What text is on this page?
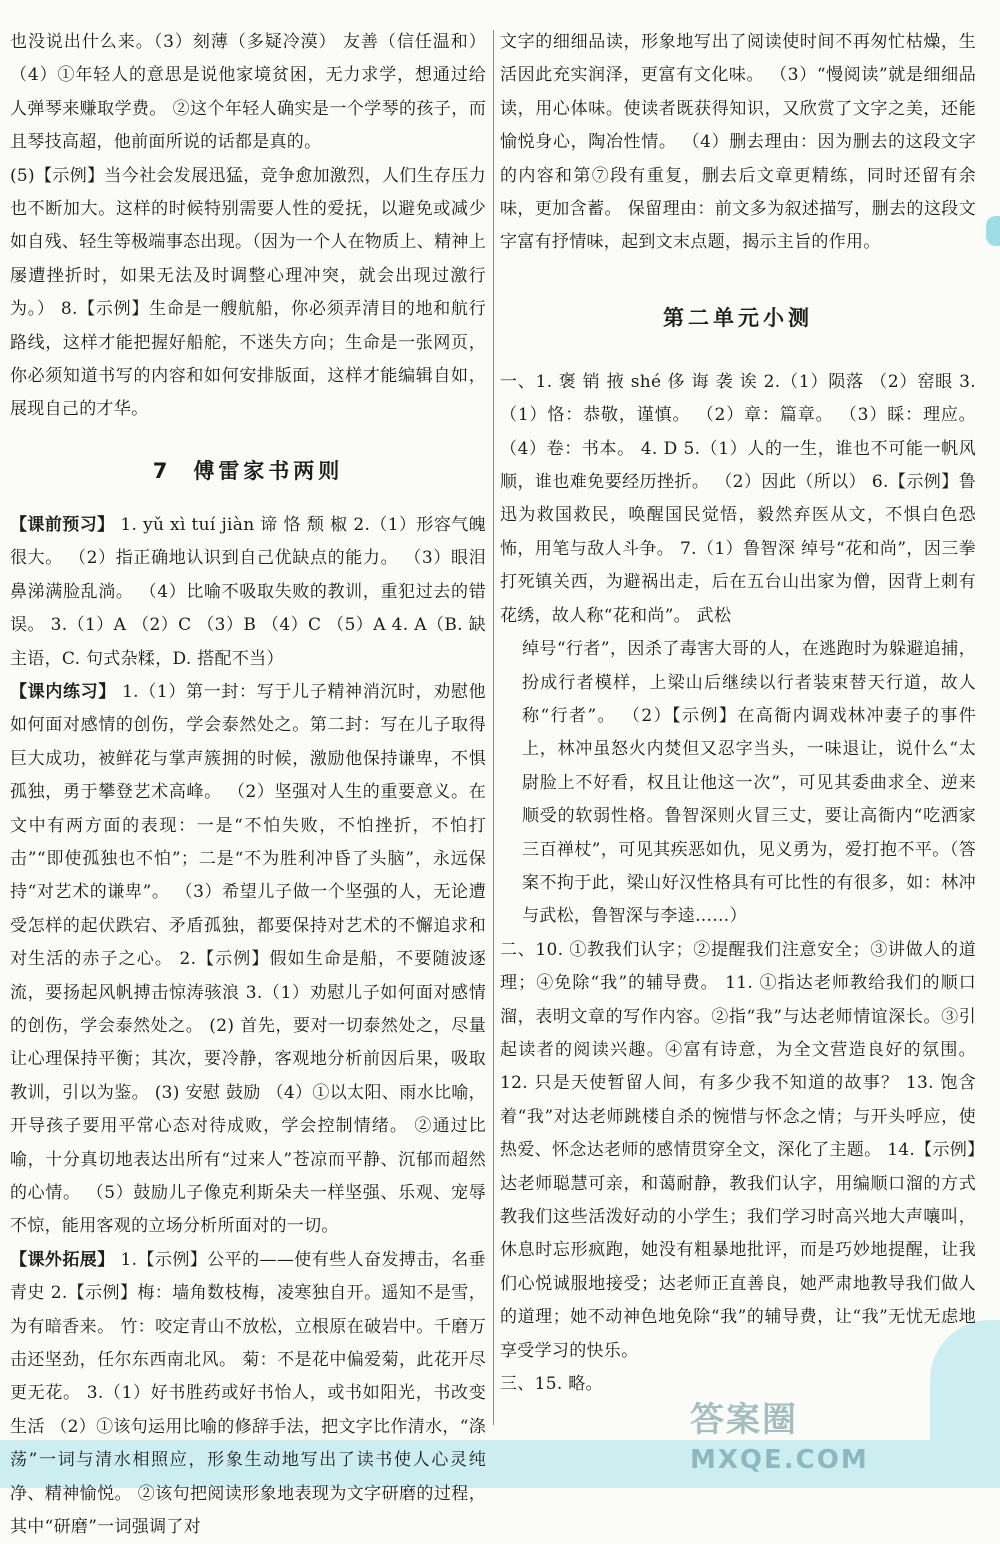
也没说出什么来。（3）刻薄（多疑冷漠） 友善（信任温和） （4）①年轻人的意思是说他家境贫困，无力求学，想通过给人弹琴来赚取学费。 ②这个年轻人确实是一个学琴的孩子，而且琴技高超，他前面所说的话都是真的。

(5)【示例】当今社会发展迅猛，竞争愈加激烈，人们生存压力也不断加大。这样的时候特别需要人性的爱抚，以避免或减少如自残、轻生等极端事态出现。（因为一个人在物质上、精神上屡遭挫折时，如果无法及时调整心理冲突，就会出现过激行为。） 8.【示例】生命是一艘航船，你必须弄清目的地和航行路线，这样才能把握好船舵，不迷失方向；生命是一张网页，你必须知道书写的内容和如何安排版面，这样才能编辑自如，展现自己的才华。

7 傅雷家书两则

【课前预习】 1. yǔ xì tuí jiàn 谛 恪 颓 椒 2.（1）形容气魄很大。 （2）指正确地认识到自己优缺点的能力。 （3）眼泪鼻涕满脸乱淌。 （4）比喻不吸取失败的教训，重犯过去的错误。 3.（1）A （2）C （3）B （4）C （5）A 4. A（B. 缺主语，C. 句式杂糅，D. 搭配不当）

【课内练习】 1.（1）第一封：写于儿子精神消沉时，劝慰他如何面对感情的创伤，学会泰然处之。第二封：写在儿子取得巨大成功，被鲜花与掌声簇拥的时候，激励他保持谦卑，不惧孤独，勇于攀登艺术高峰。 （2）坚强对人生的重要意义。在文中有两方面的表现：一是“不怕失败，不怕挫折，不怕打击”“即使孤独也不怕”；二是“不为胜利冲昏了头脑”，永远保持“对艺术的谦卑”。 （3）希望儿子做一个坚强的人，无论遭受怎样的起伏跌宕、矛盾孤独，都要保持对艺术的不懈追求和对生活的赤子之心。 2.【示例】假如生命是船，不要随波逐流，要扬起风帆搏击惊涛骇浪 3.（1）劝慰儿子如何面对感情的创伤，学会泰然处之。 (2) 首先，要对一切泰然处之，尽量让心理保持平衡；其次，要冷静，客观地分析前因后果，吸取教训，引以为鉴。 (3) 安慰 鼓励 （4）①以太阳、雨水比喻，开导孩子要用平常心态对待成败，学会控制情绪。 ②通过比喻，十分真切地表达出所有“过来人”苍凉而平静、沉郁而超然的心情。 （5）鼓励儿子像克利斯朵夫一样坚强、乐观、宠辱不惊，能用客观的立场分析所面对的一切。

【课外拓展】 1.【示例】公平的——使有些人奋发搏击，名垂青史 2.【示例】梅：墙角数枝梅，凌寒独自开。遥知不是雪，为有暗香来。 竹：咬定青山不放松，立根原在破岩中。千磨万击还坚劲，任尔东西南北风。 菊：不是花中偏爱菊，此花开尽更无花。 3.（1）好书胜药或好书怡人，或书如阳光，书改变生活 （2）①该句运用比喻的修辞手法，把文字比作清水，“涤荡”一词与清水相照应，形象生动地写出了读书使人心灵纯净、精神愉悦。 ②该句把阅读形象地表现为文字研磨的过程，其中“研磨”一词强调了对

文字的细细品读，形象地写出了阅读使时间不再匆忙枯燥，生活因此充实润泽，更富有文化味。 （3）“慢阅读”就是细细品读，用心体味。使读者既获得知识，又欣赏了文字之美，还能愉悦身心，陶冶性情。 （4）删去理由：因为删去的这段文字的内容和第⑦段有重复，删去后文章更精练，同时还留有余味，更加含蓄。 保留理由：前文多为叙述描写，删去的这段文字富有抒情味，起到文末点题，揭示主旨的作用。

第二单元小测

一、1. 褒 销 掖 shé 侈 诲 袭 诶 2.（1）陨落 （2）窑眼 3.（1）恪：恭敬，谨慎。 （2）章：篇章。 （3）睬：理应。 （4）卷：书本。 4. D 5.（1）人的一生，谁也不可能一帆风顺，谁也难免要经历挫折。 （2）因此（所以） 6.【示例】鲁迅为救国救民，唤醒国民觉悟，毅然弃医从文，不惧白色恐怖，用笔与敌人斗争。 7.（1）鲁智深 绰号“花和尚”，因三拳打死镇关西，为避祸出走，后在五台山出家为僧，因背上刺有花绣，故人称“花和尚”。 武松

绰号“行者”，因杀了毒害大哥的人，在逃跑时为躲避追捕，扮成行者模样，上梁山后继续以行者装束替天行道，故人称“行者”。 （2）【示例】在高衙内调戏林冲妻子的事件上，林冲虽怒火内焚但又忍字当头，一味退让，说什么“太尉脸上不好看，权且让他这一次”，可见其委曲求全、逆来顺受的软弱性格。鲁智深则火冒三丈，要让高衙内“吃洒家三百禅杖”，可见其疾恶如仇，见义勇为，爱打抱不平。（答案不拘于此，梁山好汉性格具有可比性的有很多，如：林冲与武松，鲁智深与李逵……）

二、10. ①教我们认字；②提醒我们注意安全；③讲做人的道理；④免除“我”的辅导费。 11. ①指达老师教给我们的顺口溜，表明文章的写作内容。②指“我”与达老师情谊深长。③引起读者的阅读兴趣。④富有诗意，为全文营造良好的氛围。 12. 只是天使暂留人间，有多少我不知道的故事？ 13. 饱含着“我”对达老师跳楼自杀的惋惜与怀念之情；与开头呼应，使热爱、怀念达老师的感情贯穿全文，深化了主题。 14.【示例】达老师聪慧可亲，和蔼耐静，教我们认字，用编顺口溜的方式教我们这些活泼好动的小学生；我们学习时高兴地大声嚷叫，休息时忘形疯跑，她没有粗暴地批评，而是巧妙地提醒，让我们心悦诚服地接受；达老师正直善良，她严肃地教导我们做人的道理；她不动神色地免除“我”的辅导费，让“我”无忧无虑地享受学习的快乐。

三、15. 略。

答案圈
MXQE.COM
